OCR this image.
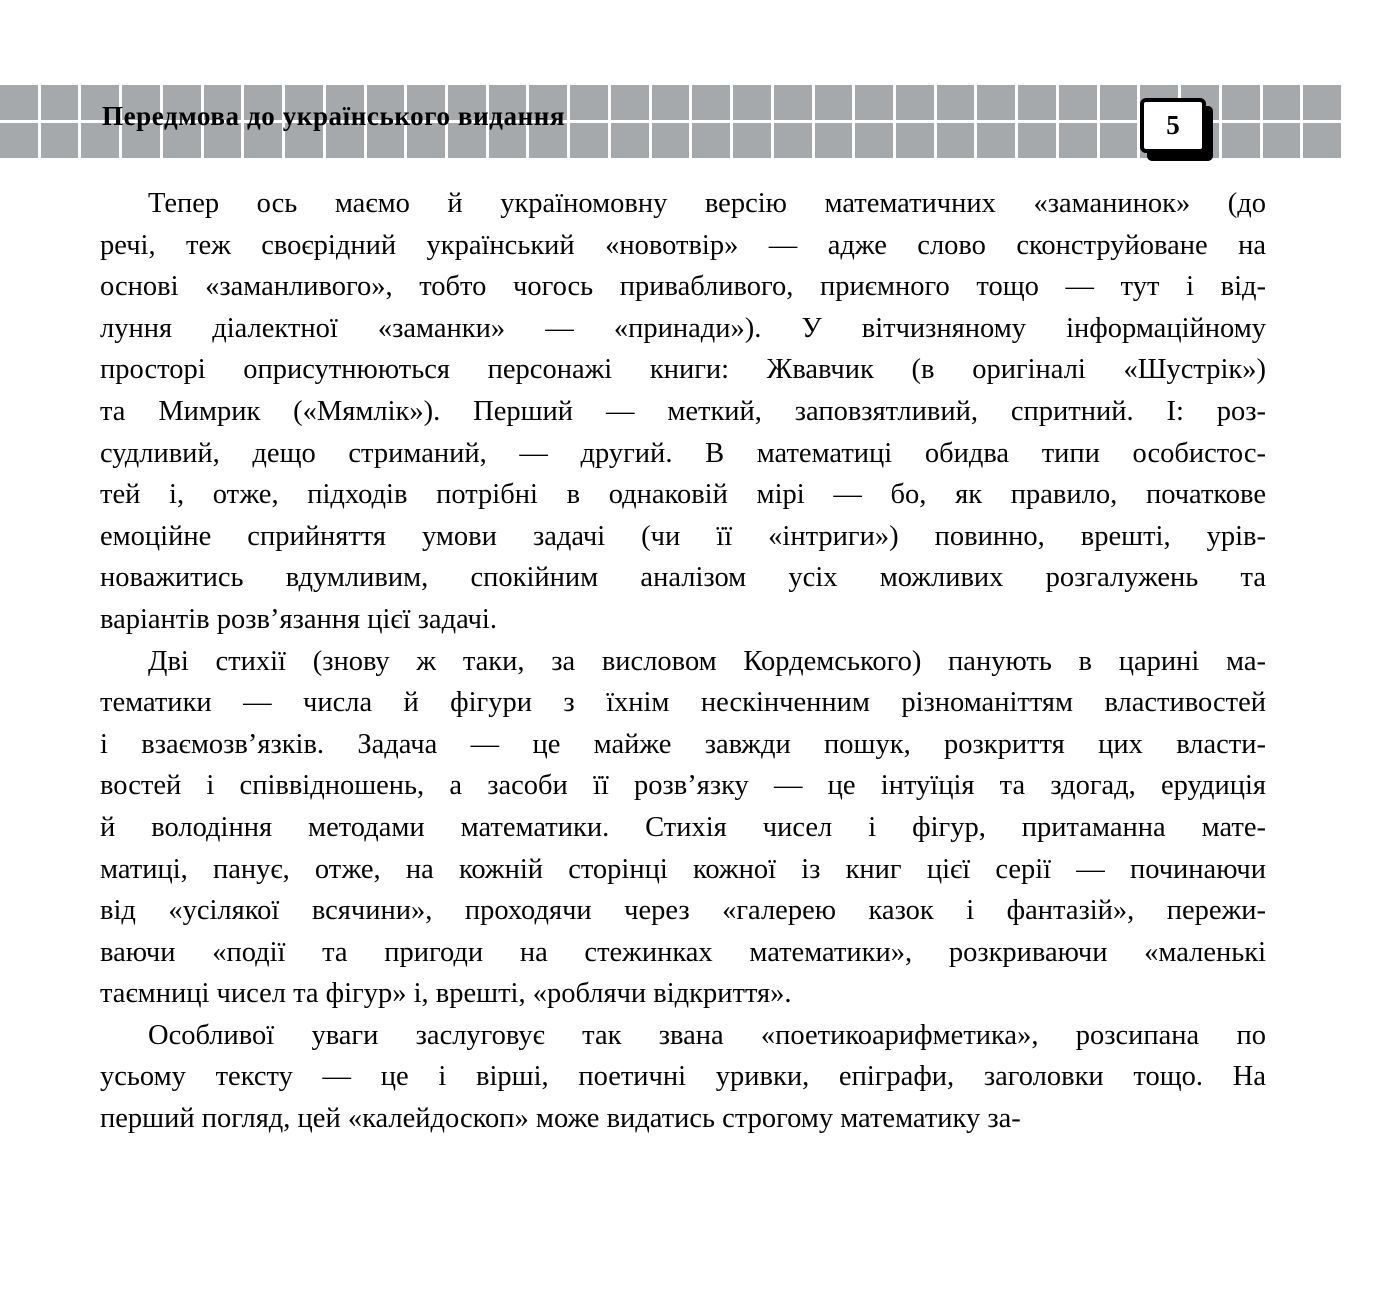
Передмова до українського видання	5

Тепер ось маємо й україномовну версію математичних «заманинок» (до
речі, теж своєрідний український «новотвір» — адже слово сконструйоване на
основі «заманливого», тобто чогось привабливого, приємного тощо — тут і від-
луння діалектної «заманки» — «принади»). У вітчизняному інформаційному
просторі оприсутнюються персонажі книги: Жвавчик (в оригіналі «Шустрік»)
та Мимрик («Мямлік»). Перший — меткий, заповзятливий, спритний. І: роз-
судливий, дещо стриманий, — другий. В математиці обидва типи особистос-
тей і, отже, підходів потрібні в однаковій мірі — бо, як правило, початкове
емоційне сприйняття умови задачі (чи її «інтриги») повинно, врешті, урів-
новажитись вдумливим, спокійним аналізом усіх можливих розгалужень та
варіантів розв’язання цієї задачі.

Дві стихії (знову ж таки, за висловом Кордемського) панують в царині ма-
тематики — числа й фігури з їхнім нескінченним різноманіттям властивостей
і взаємозв’язків. Задача — це майже завжди пошук, розкриття цих власти-
востей і співвідношень, а засоби її розв’язку — це інтуїція та здогад, ерудиція
й володіння методами математики. Стихія чисел і фігур, притаманна мате-
матиці, панує, отже, на кожній сторінці кожної із книг цієї серії — починаючи
від «усілякої всячини», проходячи через «галерею казок і фантазій», пережи-
ваючи «події та пригоди на стежинках математики», розкриваючи «маленькі
таємниці чисел та фігур» і, врешті, «роблячи відкриття».

Особливої уваги заслуговує так звана «поетикоарифметика», розсипана по
усьому тексту — це і вірші, поетичні уривки, епіграфи, заголовки тощо. На
перший погляд, цей «калейдоскоп» може видатись строгому математику за-
